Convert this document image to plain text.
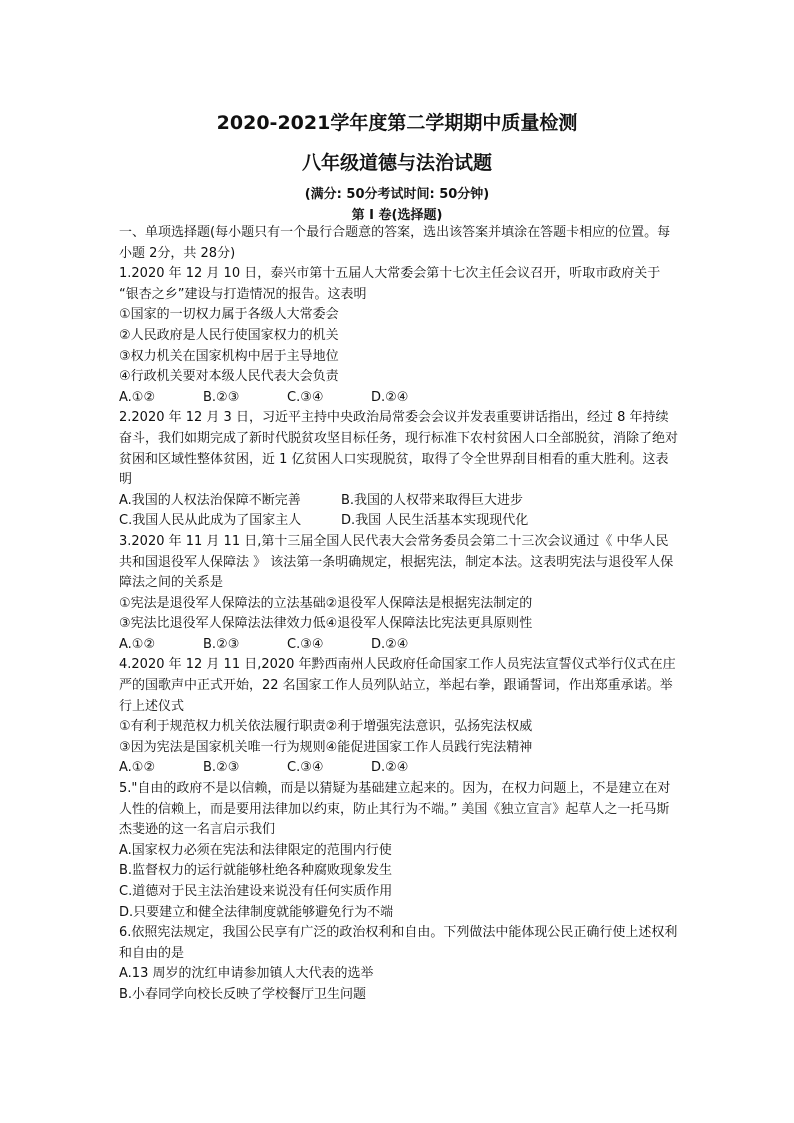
2020-2021学年度第二学期期中质量检测
八年级道德与法治试题
(满分: 50分考试时间: 50分钟)
第 I 卷(选择题)
一、单项选择题(每小题只有一个最行合题意的答案，选出该答案并填涂在答题卡相应的位置。每小题 2分，共 28分)
1.2020 年 12 月 10 日，泰兴市第十五届人大常委会第十七次主任会议召开，听取市政府关于 “银杏之乡”建设与打造情况的报告。这表明
①国家的一切权力属于各级人大常委会
②人民政府是人民行使国家权力的机关
③权力机关在国家机构中居于主导地位
④行政机关要对本级人民代表大会负责
A.①②	B.②③	C.③④	D.②④
2.2020 年 12 月 3 日，习近平主持中央政治局常委会会议并发表重要讲话指出，经过 8 年持续奋斗，我们如期完成了新时代脱贫攻坚目标任务，现行标准下农村贫困人口全部脱贫，消除了绝对贫困和区域性整体贫困，近 1 亿贫困人口实现脱贫，取得了令全世界刮目相看的重大胜利。这表明
A.我国的人权法治保障不断完善	B.我国的人权带来取得巨大进步
C.我国人民从此成为了国家主人	D.我国 人民生活基本实现现代化
3.2020 年 11 月 11 日,第十三届全国人民代表大会常务委员会第二十三次会议通过《 中华人民共和国退役军人保障法 》 该法第一条明确规定，根据宪法，制定本法。这表明宪法与退役军人保障法之间的关系是
①宪法是退役军人保障法的立法基础②退役军人保障法是根据宪法制定的
③宪法比退役军人保障法法律效力低④退役军人保障法比宪法更具原则性
A.①②	B.②③	C.③④	D.②④
4.2020 年 12 月 11 日,2020 年黔西南州人民政府任命国家工作人员宪法宣誓仪式举行仪式在庄严的国歌声中正式开始，22 名国家工作人员列队站立，举起右拳，跟诵誓词，作出郑重承诺。举行上述仪式
①有利于规范权力机关依法履行职责②利于增强宪法意识，弘扬宪法权威
③因为宪法是国家机关唯一行为规则④能促进国家工作人员践行宪法精神
A.①②	B.②③	C.③④	D.②④
5."自由的政府不是以信赖，而是以猜疑为基础建立起来的。因为，在权力问题上，不是建立在对人性的信赖上，而是要用法律加以约束，防止其行为不端。” 美国《独立宣言》起草人之一托马斯杰斐逊的这一名言启示我们
A.国家权力必须在宪法和法律限定的范围内行使
B.监督权力的运行就能够杜绝各种腐败现象发生
C.道德对于民主法治建设来说没有任何实质作用
D.只要建立和健全法律制度就能够避免行为不端
6.依照宪法规定，我国公民享有广泛的政治权利和自由。下列做法中能体现公民正确行使上述权利和自由的是
A.13 周岁的沈红申请参加镇人大代表的选举
B.小春同学向校长反映了学校餐厅卫生问题
